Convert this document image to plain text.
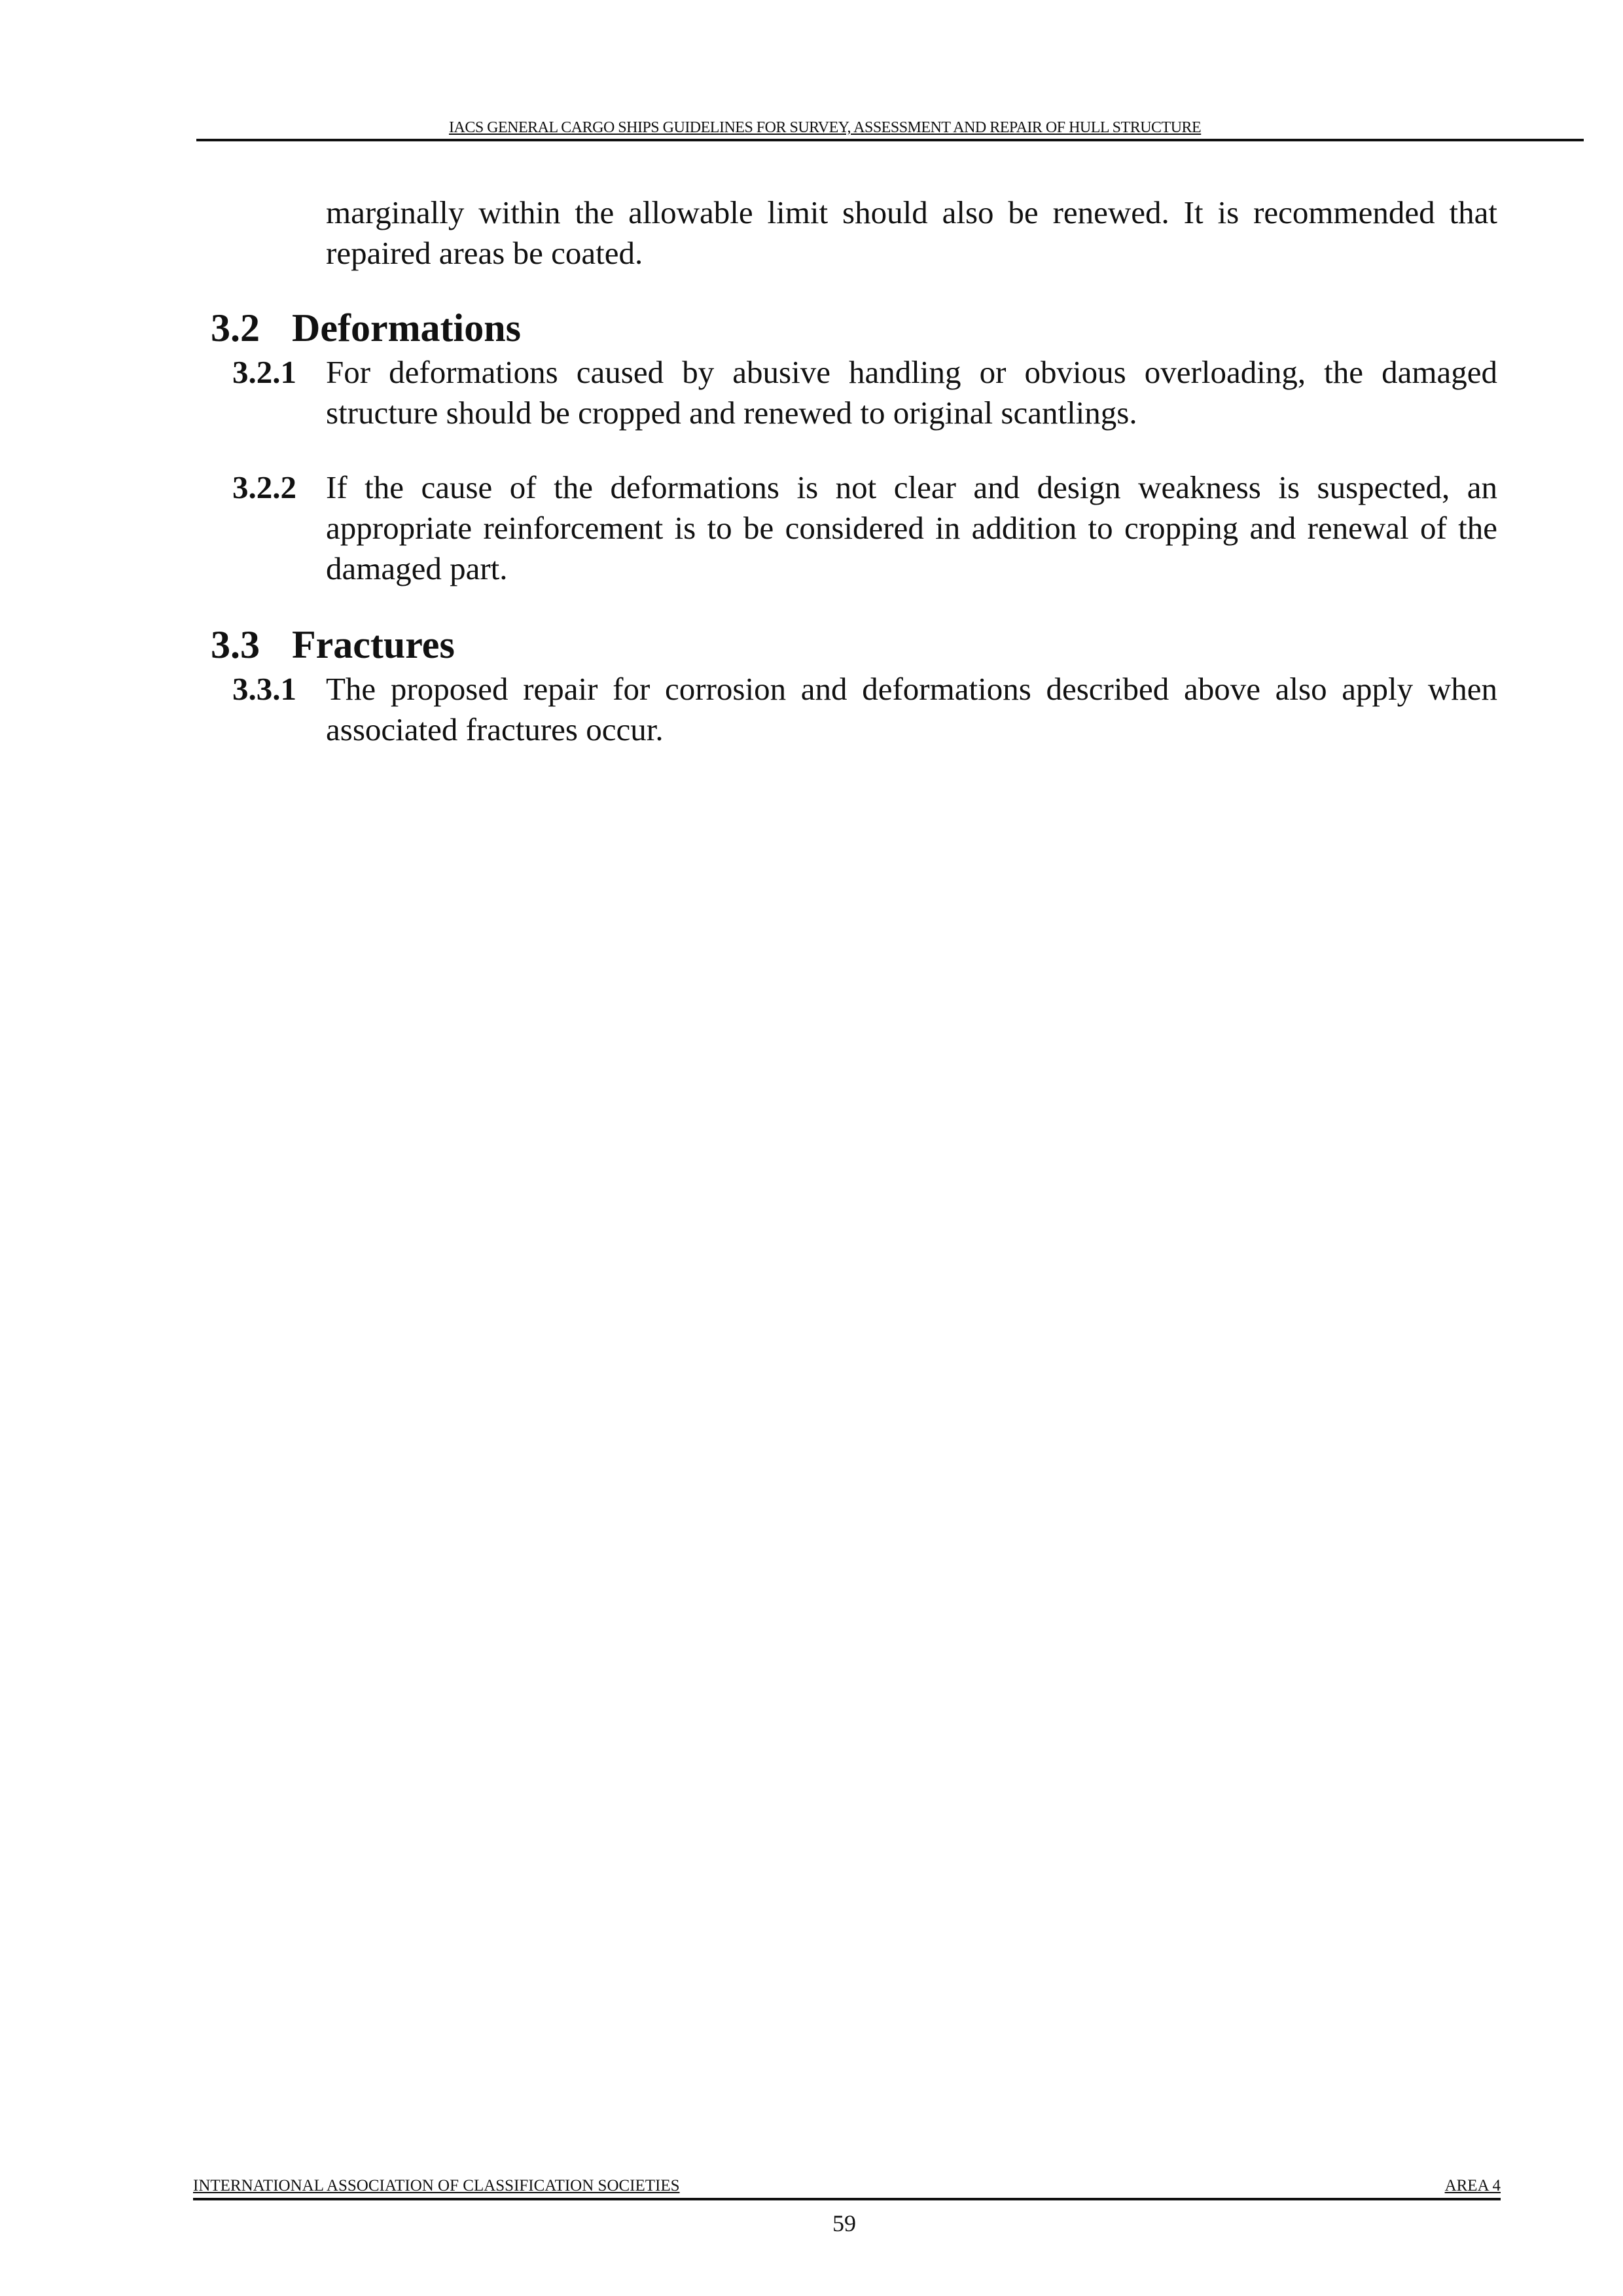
IACS GENERAL CARGO SHIPS GUIDELINES FOR SURVEY, ASSESSMENT AND REPAIR OF HULL STRUCTURE
marginally within the allowable limit should also be renewed. It is recommended that repaired areas be coated.
3.2 Deformations
3.2.1 For deformations caused by abusive handling or obvious overloading, the damaged structure should be cropped and renewed to original scantlings.
3.2.2 If the cause of the deformations is not clear and design weakness is suspected, an appropriate reinforcement is to be considered in addition to cropping and renewal of the damaged part.
3.3 Fractures
3.3.1 The proposed repair for corrosion and deformations described above also apply when associated fractures occur.
INTERNATIONAL ASSOCIATION OF CLASSIFICATION SOCIETIES	AREA 4
59
